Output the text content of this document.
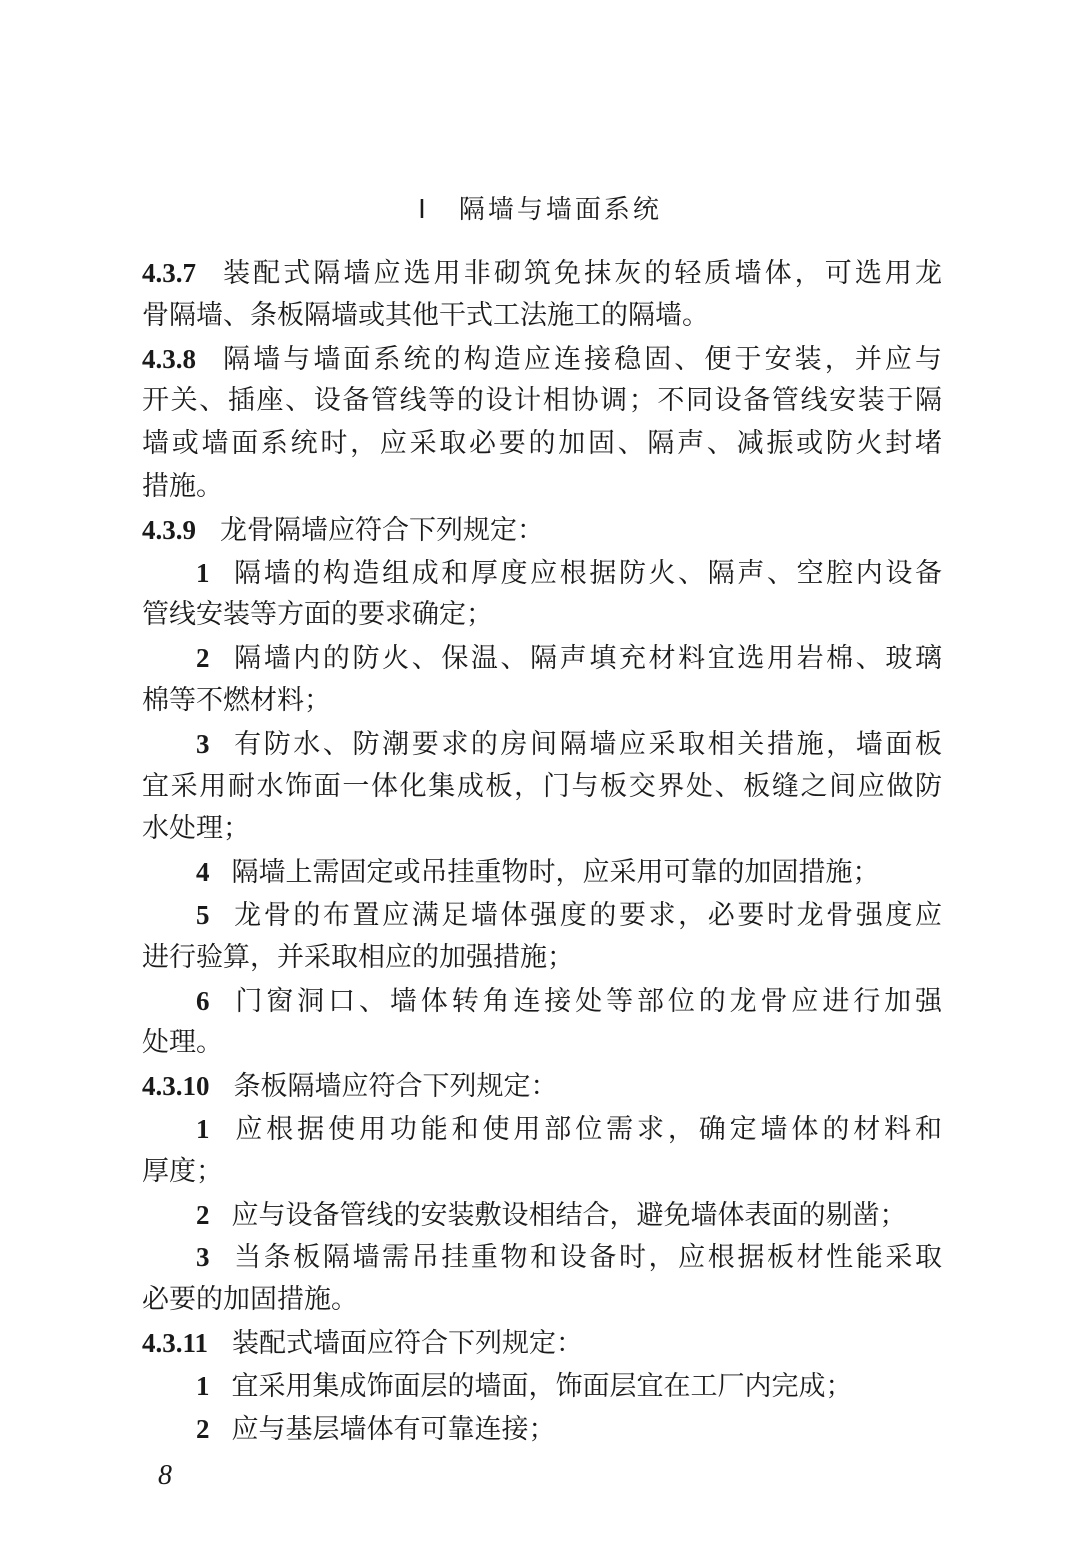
Ⅰ 隔墙与墙面系统
4.3.7 装配式隔墙应选用非砌筑免抹灰的轻质墙体，可选用龙
骨隔墙、条板隔墙或其他干式工法施工的隔墙。
4.3.8 隔墙与墙面系统的构造应连接稳固、便于安装，并应与
开关、插座、设备管线等的设计相协调；不同设备管线安装于隔
墙或墙面系统时，应采取必要的加固、隔声、减振或防火封堵
措施。
4.3.9 龙骨隔墙应符合下列规定：
1 隔墙的构造组成和厚度应根据防火、隔声、空腔内设备
管线安装等方面的要求确定；
2 隔墙内的防火、保温、隔声填充材料宜选用岩棉、玻璃
棉等不燃材料；
3 有防水、防潮要求的房间隔墙应采取相关措施，墙面板
宜采用耐水饰面一体化集成板，门与板交界处、板缝之间应做防
水处理；
4 隔墙上需固定或吊挂重物时，应采用可靠的加固措施；
5 龙骨的布置应满足墙体强度的要求，必要时龙骨强度应
进行验算，并采取相应的加强措施；
6 门窗洞口、墙体转角连接处等部位的龙骨应进行加强
处理。
4.3.10 条板隔墙应符合下列规定：
1 应根据使用功能和使用部位需求，确定墙体的材料和
厚度；
2 应与设备管线的安装敷设相结合，避免墙体表面的剔凿；
3 当条板隔墙需吊挂重物和设备时，应根据板材性能采取
必要的加固措施。
4.3.11 装配式墙面应符合下列规定：
1 宜采用集成饰面层的墙面，饰面层宜在工厂内完成；
2 应与基层墙体有可靠连接；
8
